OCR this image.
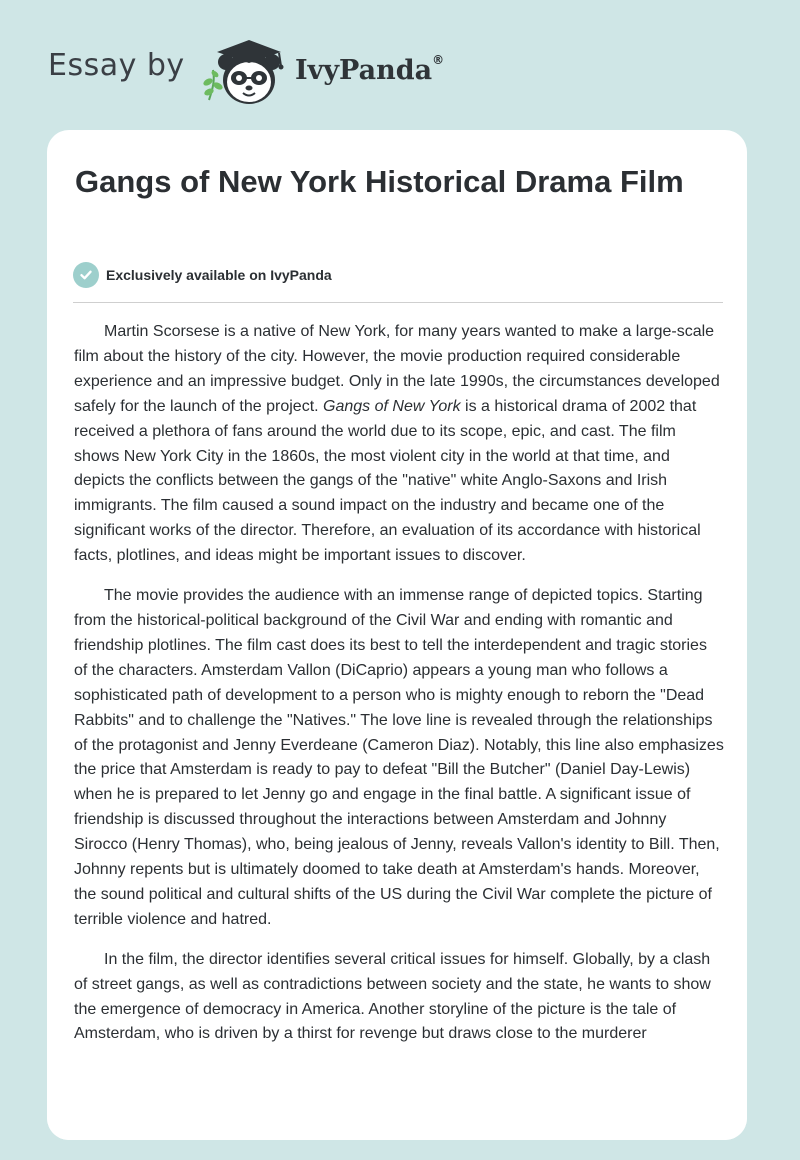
Essay by	IvyPanda®
Gangs of New York Historical Drama Film
Exclusively available on IvyPanda

Martin Scorsese is a native of New York, for many years wanted to make a large-scale film about the history of the city. However, the movie production required considerable experience and an impressive budget. Only in the late 1990s, the circumstances developed safely for the launch of the project. Gangs of New York is a historical drama of 2002 that received a plethora of fans around the world due to its scope, epic, and cast. The film shows New York City in the 1860s, the most violent city in the world at that time, and depicts the conflicts between the gangs of the "native" white Anglo-Saxons and Irish immigrants. The film caused a sound impact on the industry and became one of the significant works of the director. Therefore, an evaluation of its accordance with historical facts, plotlines, and ideas might be important issues to discover.

The movie provides the audience with an immense range of depicted topics. Starting from the historical-political background of the Civil War and ending with romantic and friendship plotlines. The film cast does its best to tell the interdependent and tragic stories of the characters. Amsterdam Vallon (DiCaprio) appears a young man who follows a sophisticated path of development to a person who is mighty enough to reborn the "Dead Rabbits" and to challenge the "Natives." The love line is revealed through the relationships of the protagonist and Jenny Everdeane (Cameron Diaz). Notably, this line also emphasizes the price that Amsterdam is ready to pay to defeat "Bill the Butcher" (Daniel Day-Lewis) when he is prepared to let Jenny go and engage in the final battle. A significant issue of friendship is discussed throughout the interactions between Amsterdam and Johnny Sirocco (Henry Thomas), who, being jealous of Jenny, reveals Vallon's identity to Bill. Then, Johnny repents but is ultimately doomed to take death at Amsterdam's hands. Moreover, the sound political and cultural shifts of the US during the Civil War complete the picture of terrible violence and hatred.

In the film, the director identifies several critical issues for himself. Globally, by a clash of street gangs, as well as contradictions between society and the state, he wants to show the emergence of democracy in America. Another storyline of the picture is the tale of Amsterdam, who is driven by a thirst for revenge but draws close to the murderer
